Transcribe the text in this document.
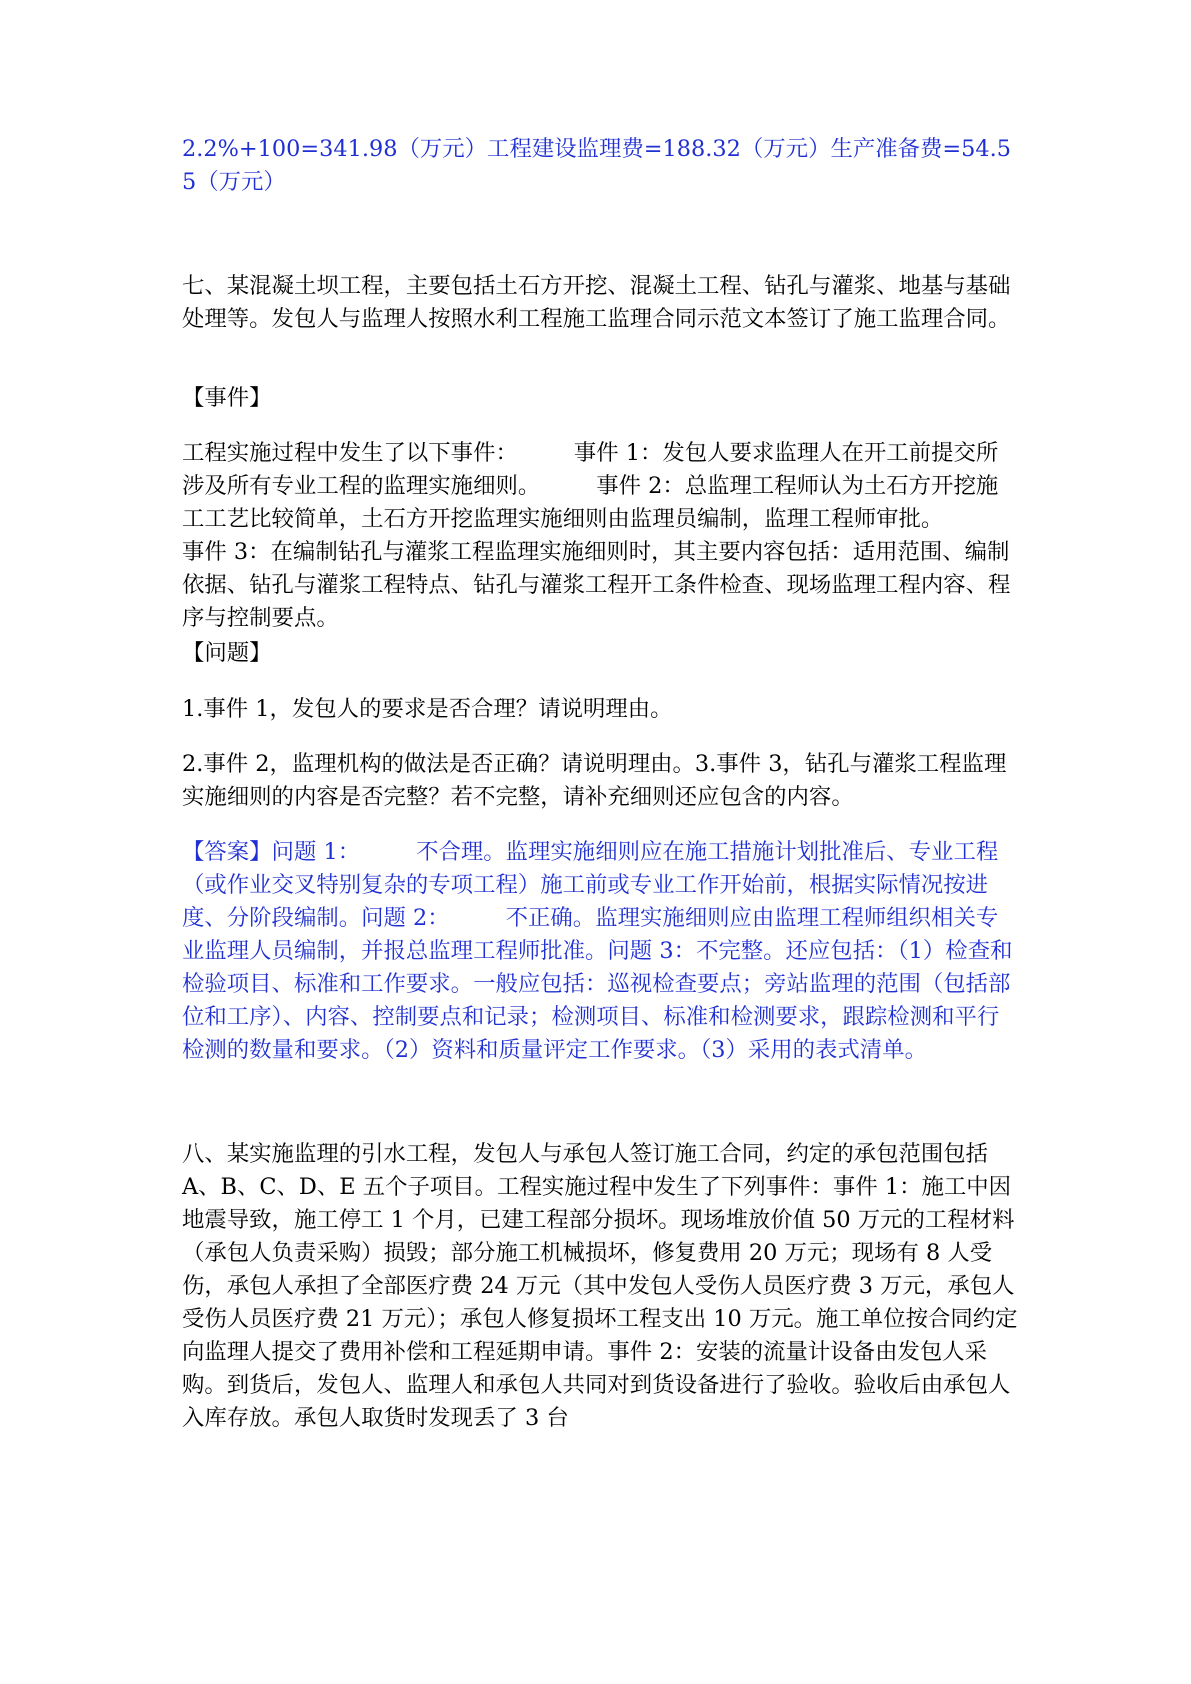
2.2%+100=341.98（万元）工程建设监理费=188.32（万元）生产准备费=54.55（万元）

七、某混凝土坝工程，主要包括土石方开挖、混凝土工程、钻孔与灌浆、地基与基础处理等。发包人与监理人按照水利工程施工监理合同示范文本签订了施工监理合同。

【事件】

工程实施过程中发生了以下事件：　　　事件 1：发包人要求监理人在开工前提交所涉及所有专业工程的监理实施细则。　　　事件 2：总监理工程师认为土石方开挖施工工艺比较简单，土石方开挖监理实施细则由监理员编制，监理工程师审批。　　　事件 3：在编制钻孔与灌浆工程监理实施细则时，其主要内容包括：适用范围、编制依据、钻孔与灌浆工程特点、钻孔与灌浆工程开工条件检查、现场监理工程内容、程序与控制要点。

【问题】

1.事件 1，发包人的要求是否合理？请说明理由。

2.事件 2，监理机构的做法是否正确？请说明理由。3.事件 3，钻孔与灌浆工程监理实施细则的内容是否完整？若不完整，请补充细则还应包含的内容。

【答案】问题 1：　　　不合理。监理实施细则应在施工措施计划批准后、专业工程（或作业交叉特别复杂的专项工程）施工前或专业工作开始前，根据实际情况按进度、分阶段编制。问题 2：　　　不正确。监理实施细则应由监理工程师组织相关专业监理人员编制，并报总监理工程师批准。问题 3：不完整。还应包括：（1）检查和检验项目、标准和工作要求。一般应包括：巡视检查要点；旁站监理的范围（包括部位和工序）、内容、控制要点和记录；检测项目、标准和检测要求，跟踪检测和平行检测的数量和要求。（2）资料和质量评定工作要求。（3）采用的表式清单。

八、某实施监理的引水工程，发包人与承包人签订施工合同，约定的承包范围包括 A、B、C、D、E 五个子项目。工程实施过程中发生了下列事件：事件 1：施工中因地震导致，施工停工 1 个月，已建工程部分损坏。现场堆放价值 50 万元的工程材料（承包人负责采购）损毁；部分施工机械损坏，修复费用 20 万元；现场有 8 人受伤，承包人承担了全部医疗费 24 万元（其中发包人受伤人员医疗费 3 万元，承包人受伤人员医疗费 21 万元）；承包人修复损坏工程支出 10 万元。施工单位按合同约定向监理人提交了费用补偿和工程延期申请。事件 2：安装的流量计设备由发包人采购。到货后，发包人、监理人和承包人共同对到货设备进行了验收。验收后由承包人入库存放。承包人取货时发现丢了 3 台
